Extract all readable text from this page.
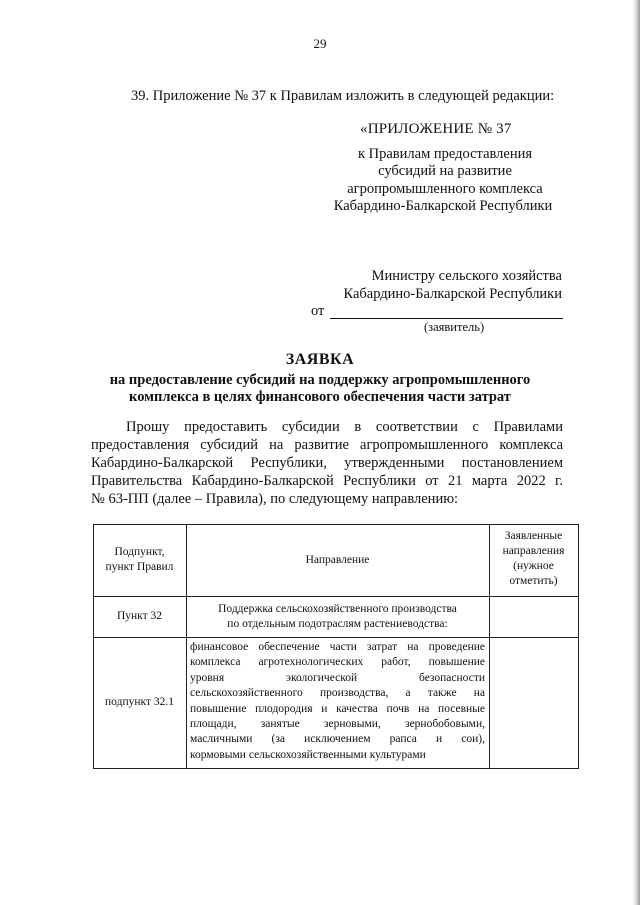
29
39. Приложение № 37 к Правилам изложить в следующей редакции:
«ПРИЛОЖЕНИЕ № 37
к Правилам предоставления
субсидий на развитие
агропромышленного комплекса
Кабардино-Балкарской Республики
Министру сельского хозяйства
Кабардино-Балкарской Республики
от
(заявитель)
ЗАЯВКА
на предоставление субсидий на поддержку агропромышленного
комплекса в целях финансового обеспечения части затрат
Прошу предоставить субсидии в соответствии с Правилами
предоставления субсидий на развитие агропромышленного комплекса
Кабардино-Балкарской Республики, утвержденными постановлением
Правительства Кабардино-Балкарской Республики от 21 марта 2022 г.
№ 63-ПП (далее – Правила), по следующему направлению:
Подпункт,
пункт Правил
Направление
Заявленные
направления
(нужное
отметить)
Пункт 32
Поддержка сельскохозяйственного производства
по отдельным подотраслям растениеводства:
подпункт 32.1
финансовое обеспечение части затрат на проведение
комплекса агротехнологических работ, повышение
уровня экологической безопасности
сельскохозяйственного производства, а также на
повышение плодородия и качества почв на посевные
площади, занятые зерновыми, зернобобовыми,
масличными (за исключением рапса и сои),
кормовыми сельскохозяйственными культурами
